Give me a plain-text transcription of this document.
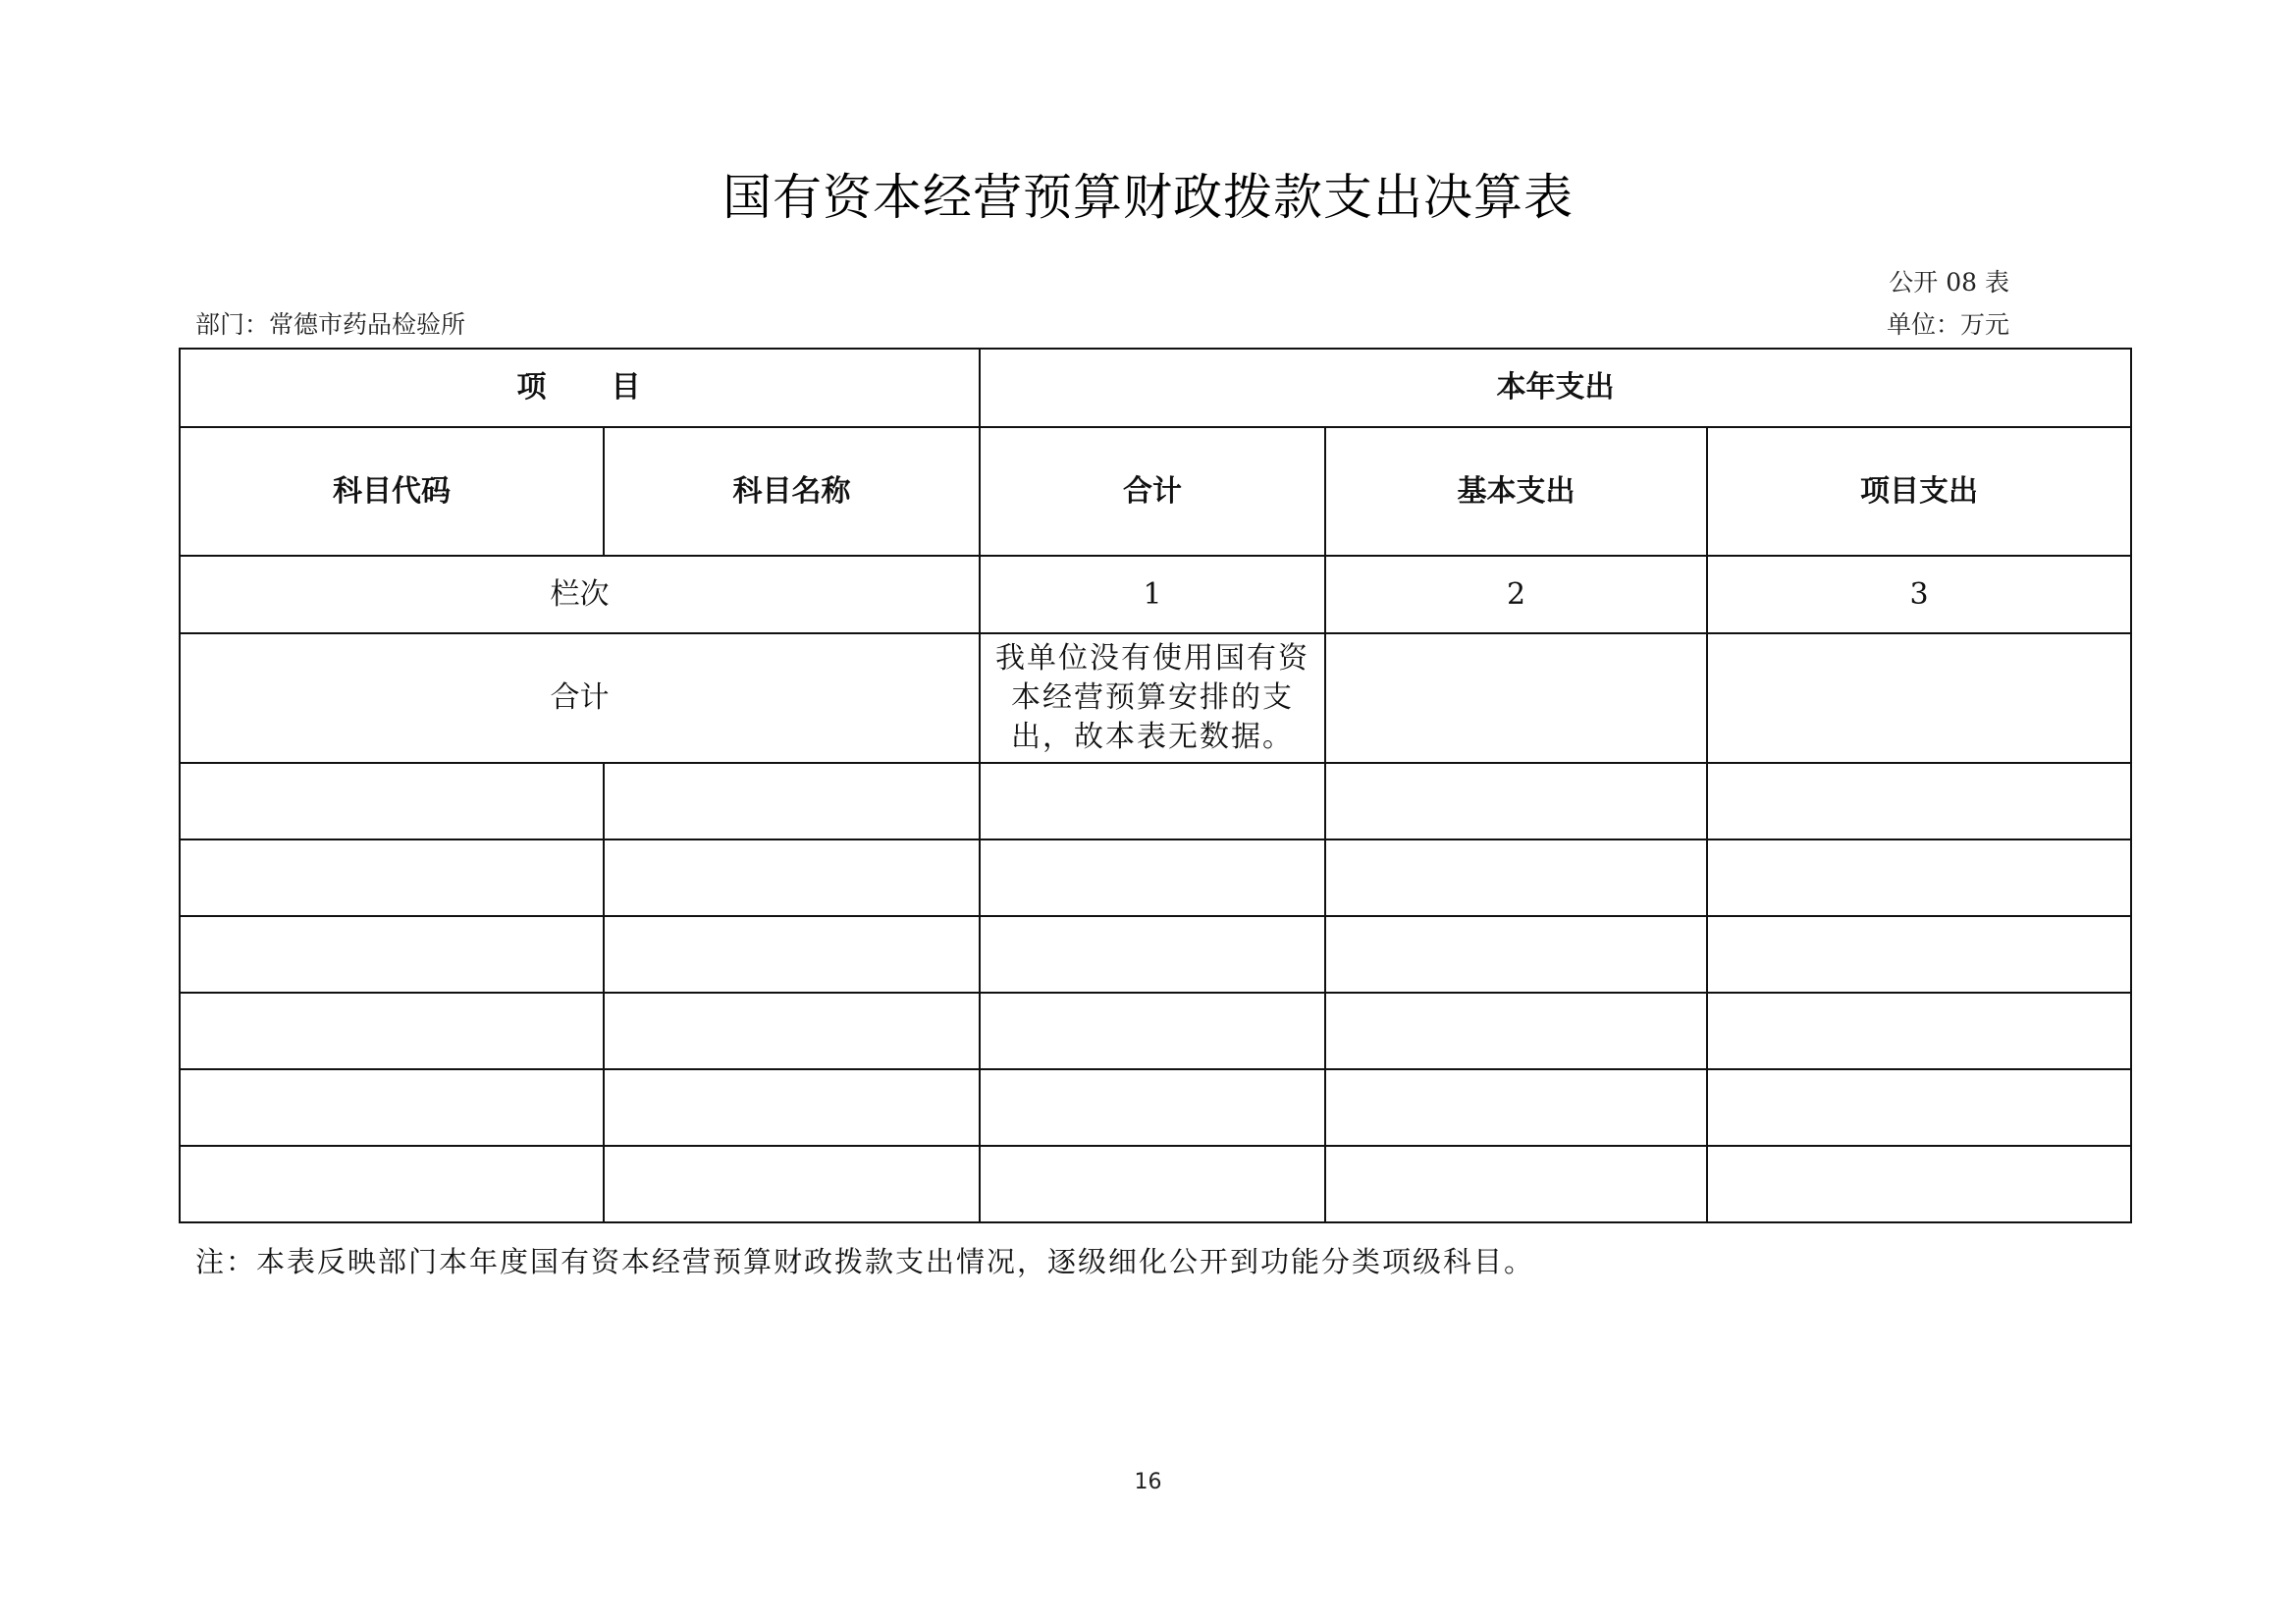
国有资本经营预算财政拨款支出决算表
公开 08 表
部门：常德市药品检验所	单位：万元
项　　目		本年支出		
科目代码	科目名称	合计	基本支出	项目支出
栏次		1	2	3
合计		我单位没有使用国有资本经营预算安排的支出，故本表无数据。		

注：本表反映部门本年度国有资本经营预算财政拨款支出情况，逐级细化公开到功能分类项级科目。
16
